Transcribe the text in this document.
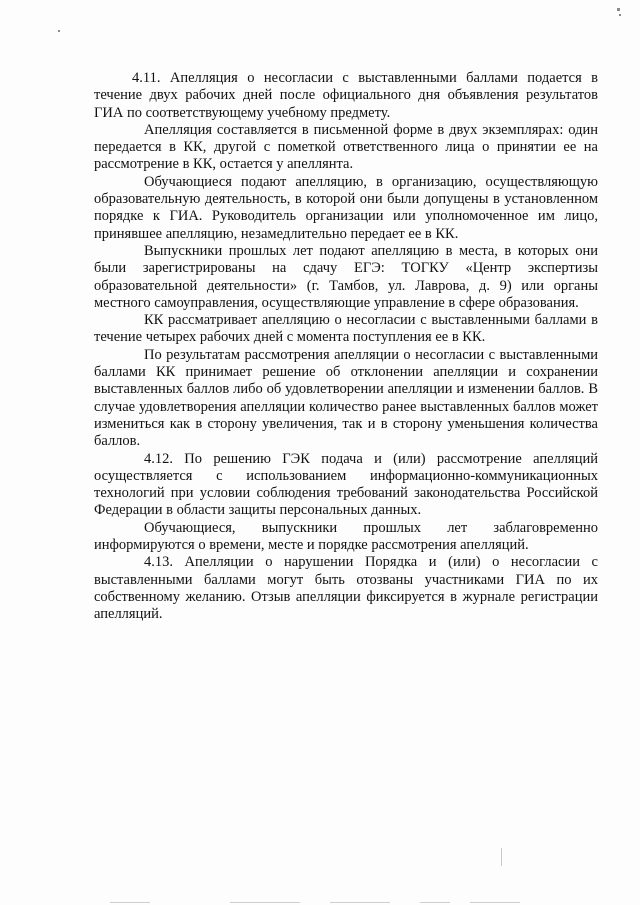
4.11. Апелляция о несогласии с выставленными баллами подается в течение двух рабочих дней после официального дня объявления результатов ГИА по соответствующему учебному предмету.

Апелляция составляется в письменной форме в двух экземплярах: один передается в КК, другой с пометкой ответственного лица о принятии ее на рассмотрение в КК, остается у апеллянта.

Обучающиеся подают апелляцию, в организацию, осуществляющую образовательную деятельность, в которой они были допущены в установленном порядке к ГИА. Руководитель организации или уполномоченное им лицо, принявшее апелляцию, незамедлительно передает ее в КК.

Выпускники прошлых лет подают апелляцию в места, в которых они были зарегистрированы на сдачу ЕГЭ: ТОГКУ «Центр экспертизы образовательной деятельности» (г. Тамбов, ул. Лаврова, д. 9) или органы местного самоуправления, осуществляющие управление в сфере образования.

КК рассматривает апелляцию о несогласии с выставленными баллами в течение четырех рабочих дней с момента поступления ее в КК.

По результатам рассмотрения апелляции о несогласии с выставленными баллами КК принимает решение об отклонении апелляции и сохранении выставленных баллов либо об удовлетворении апелляции и изменении баллов. В случае удовлетворения апелляции количество ранее выставленных баллов может измениться как в сторону увеличения, так и в сторону уменьшения количества баллов.

4.12. По решению ГЭК подача и (или) рассмотрение апелляций осуществляется с использованием информационно-коммуникационных технологий при условии соблюдения требований законодательства Российской Федерации в области защиты персональных данных.

Обучающиеся, выпускники прошлых лет заблаговременно информируются о времени, месте и порядке рассмотрения апелляций.

4.13. Апелляции о нарушении Порядка и (или) о несогласии с выставленными баллами могут быть отозваны участниками ГИА по их собственному желанию. Отзыв апелляции фиксируется в журнале регистрации апелляций.
